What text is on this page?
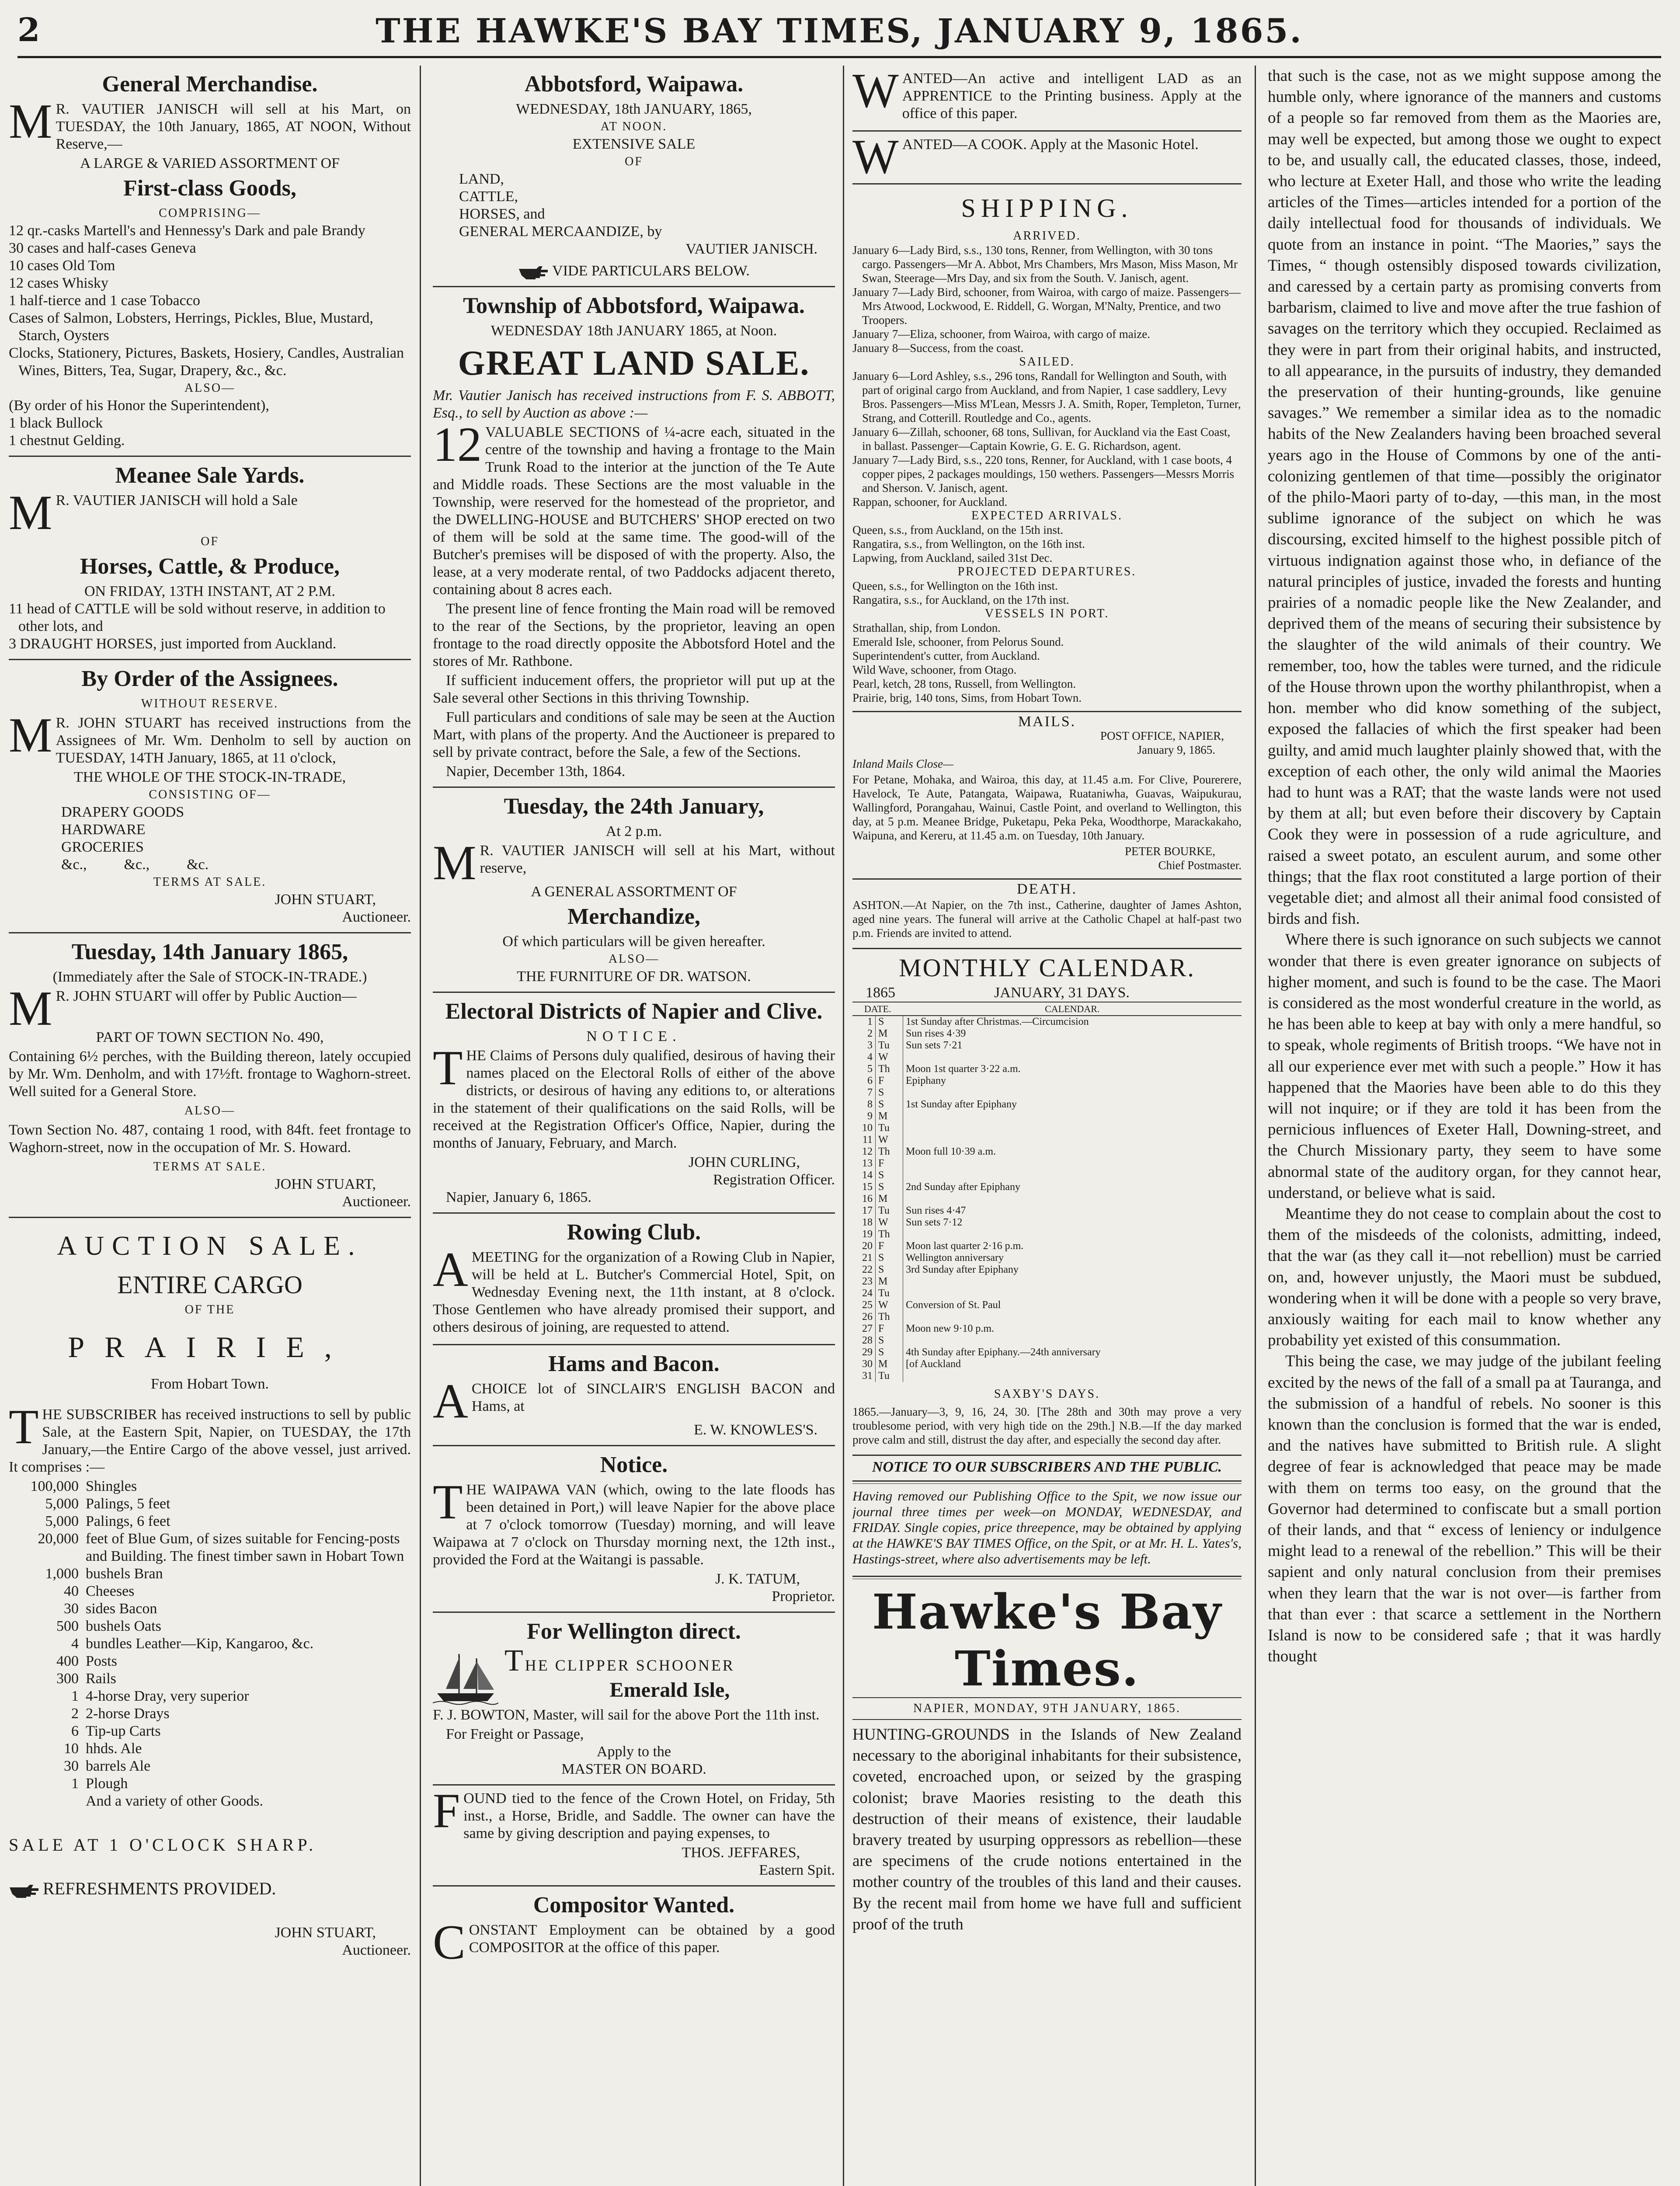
2	THE HAWKE'S BAY TIMES, JANUARY 9, 1865.
General Merchandise.
M R. VAUTIER JANISCH will sell at his Mart, on TUESDAY, the 10th January, 1865, AT NOON, Without Reserve,—
A LARGE & VARIED ASSORTMENT OF
First-class Goods,
COMPRISING—
12 qr.-casks Martell's and Hennessy's Dark and pale Brandy
30 cases and half-cases Geneva
10 cases Old Tom
12 cases Whisky
1 half-tierce and 1 case Tobacco
Cases of Salmon, Lobsters, Herrings, Pickles, Blue, Mustard, Starch, Oysters
Clocks, Stationery, Pictures, Baskets, Hosiery, Candles, Australian Wines, Bitters, Tea, Sugar, Drapery, &c., &c.
ALSO—
(By order of his Honor the Superintendent),
1 black Bullock
1 chestnut Gelding.
Meanee Sale Yards.
M R. VAUTIER JANISCH will hold a Sale
OF
Horses, Cattle, & Produce,
ON FRIDAY, 13TH INSTANT, AT 2 P.M.
11 head of CATTLE will be sold without reserve, in addition to other lots, and
3 DRAUGHT HORSES, just imported from Auckland.
By Order of the Assignees.
WITHOUT RESERVE.
M R. JOHN STUART has received instructions from the Assignees of Mr. Wm. Denholm to sell by auction on TUESDAY, 14TH January, 1865, at 11 o'clock,
THE WHOLE OF THE STOCK-IN-TRADE,
CONSISTING OF—
DRAPERY GOODS
HARDWARE
GROCERIES
&c.,          &c.,          &c.
TERMS AT SALE.
JOHN STUART,
Auctioneer.
Tuesday, 14th January 1865,
(Immediately after the Sale of STOCK-IN-TRADE.)
M R. JOHN STUART will offer by Public Auction—
PART OF TOWN SECTION No. 490,
Containing 6½ perches, with the Building thereon, lately occupied by Mr. Wm. Denholm, and with 17½ft. frontage to Waghorn-street. Well suited for a General Store.
ALSO—
Town Section No. 487, containg 1 rood, with 84ft. feet frontage to Waghorn-street, now in the occupation of Mr. S. Howard.
TERMS AT SALE.
JOHN STUART,
Auctioneer.
AUCTION SALE.
ENTIRE CARGO
OF THE
PRAIRIE,
From Hobart Town.
THE SUBSCRIBER has received instructions to sell by public Sale, at the Eastern Spit, Napier, on TUESDAY, the 17th January,—the Entire Cargo of the above vessel, just arrived. It comprises :—
100,000 Shingles
5,000 Palings, 5 feet
5,000 Palings, 6 feet
20,000 feet of Blue Gum, of sizes suitable for Fencing-posts and Building. The finest timber sawn in Hobart Town
1,000 bushels Bran
40 Cheeses
30 sides Bacon
500 bushels Oats
4 bundles Leather—Kip, Kangaroo, &c.
400 Posts
300 Rails
1 4-horse Dray, very superior
2 2-horse Drays
6 Tip-up Carts
10 hhds. Ale
30 barrels Ale
1 Plough
And a variety of other Goods.
SALE AT 1 O'CLOCK SHARP.
REFRESHMENTS PROVIDED.
JOHN STUART,
Auctioneer.
Abbotsford, Waipawa.
WEDNESDAY, 18th JANUARY, 1865,
AT NOON.
EXTENSIVE SALE
OF
LAND,
CATTLE,
HORSES, and
GENERAL MERCAANDIZE, by
VAUTIER JANISCH.
VIDE PARTICULARS BELOW.
Township of Abbotsford, Waipawa.
WEDNESDAY 18th JANUARY 1865, at Noon.
GREAT LAND SALE.
Mr. Vautier Janisch has received instructions from F. S. ABBOTT, Esq., to sell by Auction as above :—
12 VALUABLE SECTIONS of ¼-acre each, situated in the centre of the township and having a frontage to the Main Trunk Road to the interior at the junction of the Te Aute and Middle roads. These Sections are the most valuable in the Township, were reserved for the homestead of the proprietor, and the DWELLING-HOUSE and BUTCHERS' SHOP erected on two of them will be sold at the same time. The good-will of the Butcher's premises will be disposed of with the property. Also, the lease, at a very moderate rental, of two Paddocks adjacent thereto, containing about 8 acres each.
The present line of fence fronting the Main road will be removed to the rear of the Sections, by the proprietor, leaving an open frontage to the road directly opposite the Abbotsford Hotel and the stores of Mr. Rathbone.
If sufficient inducement offers, the proprietor will put up at the Sale several other Sections in this thriving Township.
Full particulars and conditions of sale may be seen at the Auction Mart, with plans of the property. And the Auctioneer is prepared to sell by private contract, before the Sale, a few of the Sections.
Napier, December 13th, 1864.
Tuesday, the 24th January,
At 2 p.m.
M R. VAUTIER JANISCH will sell at his Mart, without reserve,
A GENERAL ASSORTMENT OF
Merchandize,
Of which particulars will be given hereafter.
ALSO—
THE FURNITURE OF DR. WATSON.
Electoral Districts of Napier and Clive.
NOTICE.
THE Claims of Persons duly qualified, desirous of having their names placed on the Electoral Rolls of either of the above districts, or desirous of having any editions to, or alterations in the statement of their qualifications on the said Rolls, will be received at the Registration Officer's Office, Napier, during the months of January, February, and March.
JOHN CURLING,
Registration Officer.
Napier, January 6, 1865.
Rowing Club.
AMEETING for the organization of a Rowing Club in Napier, will be held at L. Butcher's Commercial Hotel, Spit, on Wednesday Evening next, the 11th instant, at 8 o'clock. Those Gentlemen who have already promised their support, and others desirous of joining, are requested to attend.
Hams and Bacon.
ACHOICE lot of SINCLAIR'S ENGLISH BACON and Hams, at
E. W. KNOWLES'S.
Notice.
THE WAIPAWA VAN (which, owing to the late floods has been detained in Port,) will leave Napier for the above place at 7 o'clock tomorrow (Tuesday) morning, and will leave Waipawa at 7 o'clock on Thursday morning next, the 12th inst., provided the Ford at the Waitangi is passable.
J. K. TATUM,
Proprietor.
For Wellington direct.
THE CLIPPER SCHOONER
Emerald Isle,
F. J. BOWTON, Master, will sail for the above Port the 11th inst.
For Freight or Passage,
Apply to the
MASTER ON BOARD.
FOUND tied to the fence of the Crown Hotel, on Friday, 5th inst., a Horse, Bridle, and Saddle. The owner can have the same by giving description and paying expenses, to
THOS. JEFFARES,
Eastern Spit.
Compositor Wanted.
CONSTANT Employment can be obtained by a good COMPOSITOR at the office of this paper.
WANTED—An active and intelligent LAD as an APPRENTICE to the Printing business. Apply at the office of this paper.
WANTED—A COOK. Apply at the Masonic Hotel.
SHIPPING.
ARRIVED.
January 6—Lady Bird, s.s., 130 tons, Renner, from Wellington, with 30 tons cargo. Passengers—Mr A. Abbot, Mrs Chambers, Mrs Mason, Miss Mason, Mr Swan, Steerage—Mrs Day, and six from the South. V. Janisch, agent.
January 7—Lady Bird, schooner, from Wairoa, with cargo of maize. Passengers—Mrs Atwood, Lockwood, E. Riddell, G. Worgan, M'Nalty, Prentice, and two Troopers.
January 7—Eliza, schooner, from Wairoa, with cargo of maize.
January 8—Success, from the coast.
SAILED.
January 6—Lord Ashley, s.s., 296 tons, Randall for Wellington and South, with part of original cargo from Auckland, and from Napier, 1 case saddlery, Levy Bros. Passengers—Miss M'Lean, Messrs J. A. Smith, Roper, Templeton, Turner, Strang, and Cotterill. Routledge and Co., agents.
January 6—Zillah, schooner, 68 tons, Sullivan, for Auckland via the East Coast, in ballast. Passenger—Captain Kowrie, G. E. G. Richardson, agent.
January 7—Lady Bird, s.s., 220 tons, Renner, for Auckland, with 1 case boots, 4 copper pipes, 2 packages mouldings, 150 wethers. Passengers—Messrs Morris and Sherson. V. Janisch, agent.
Rappan, schooner, for Auckland.
EXPECTED ARRIVALS.
Queen, s.s., from Auckland, on the 15th inst.
Rangatira, s.s., from Wellington, on the 16th inst.
Lapwing, from Auckland, sailed 31st Dec.
PROJECTED DEPARTURES.
Queen, s.s., for Wellington on the 16th inst.
Rangatira, s.s., for Auckland, on the 17th inst.
VESSELS IN PORT.
Strathallan, ship, from London.
Emerald Isle, schooner, from Pelorus Sound.
Superintendent's cutter, from Auckland.
Wild Wave, schooner, from Otago.
Pearl, ketch, 28 tons, Russell, from Wellington.
Prairie, brig, 140 tons, Sims, from Hobart Town.
MAILS.
POST OFFICE, NAPIER,
January 9, 1865.
Inland Mails Close—
For Petane, Mohaka, and Wairoa, this day, at 11.45 a.m. For Clive, Pourerere, Havelock, Te Aute, Patangata, Waipawa, Ruataniwha, Guavas, Waipukurau, Wallingford, Porangahau, Wainui, Castle Point, and overland to Wellington, this day, at 5 p.m. Meanee Bridge, Puketapu, Peka Peka, Woodthorpe, Marackakaho, Waipuna, and Kereru, at 11.45 a.m. on Tuesday, 10th January.
PETER BOURKE,
Chief Postmaster.
DEATH.
ASHTON.—At Napier, on the 7th inst., Catherine, daughter of James Ashton, aged nine years. The funeral will arrive at the Catholic Chapel at half-past two p.m. Friends are invited to attend.
MONTHLY CALENDAR.
1865	JANUARY, 31 DAYS.
DATE.		CALENDAR.
1	S	1st Sunday after Christmas.—Circumcision
2	M	Sun rises 4·39
3	Tu	Sun sets 7·21
4	W	
5	Th	Moon 1st quarter 3·22 a.m.
6	F	Epiphany
7	S	
8	S	1st Sunday after Epiphany
9	M	
10	Tu	
11	W	
12	Th	Moon full 10·39 a.m.
13	F	
14	S	
15	S	2nd Sunday after Epiphany
16	M	
17	Tu	Sun rises 4·47
18	W	Sun sets 7·12
19	Th	
20	F	Moon last quarter 2·16 p.m.
21	S	Wellington anniversary
22	S	3rd Sunday after Epiphany
23	M	
24	Tu	
25	W	Conversion of St. Paul
26	Th	
27	F	Moon new 9·10 p.m.
28	S	
29	S	4th Sunday after Epiphany.—24th anniversary
30	M	[of Auckland
31	Tu	
SAXBY'S DAYS.
1865.—January—3, 9, 16, 24, 30. [The 28th and 30th may prove a very troublesome period, with very high tide on the 29th.] N.B.—If the day marked prove calm and still, distrust the day after, and especially the second day after.
NOTICE TO OUR SUBSCRIBERS AND THE PUBLIC.
Having removed our Publishing Office to the Spit, we now issue our journal three times per week—on MONDAY, WEDNESDAY, and FRIDAY. Single copies, price threepence, may be obtained by applying at the HAWKE'S BAY TIMES Office, on the Spit, or at Mr. H. L. Yates's, Hastings-street, where also advertisements may be left.
Hawke's Bay Times.
NAPIER, MONDAY, 9TH JANUARY, 1865.
HUNTING-GROUNDS in the Islands of New Zealand necessary to the aboriginal inhabitants for their subsistence, coveted, encroached upon, or seized by the grasping colonist; brave Maories resisting to the death this destruction of their means of existence, their laudable bravery treated by usurping oppressors as rebellion—these are specimens of the crude notions entertained in the mother country of the troubles of this land and their causes. By the recent mail from home we have full and sufficient proof of the truth

that such is the case, not as we might suppose among the humble only, where ignorance of the manners and customs of a people so far removed from them as the Maories are, may well be expected, but among those we ought to expect to be, and usually call, the educated classes, those, indeed, who lecture at Exeter Hall, and those who write the leading articles of the Times—articles intended for a portion of the daily intellectual food for thousands of individuals. We quote from an instance in point. “The Maories,” says the Times, “ though ostensibly disposed towards civilization, and caressed by a certain party as promising converts from barbarism, claimed to live and move after the true fashion of savages on the territory which they occupied. Reclaimed as they were in part from their original habits, and instructed, to all appearance, in the pursuits of industry, they demanded the preservation of their hunting-grounds, like genuine savages.” We remember a similar idea as to the nomadic habits of the New Zealanders having been broached several years ago in the House of Commons by one of the anti-colonizing gentlemen of that time—possibly the originator of the philo-Maori party of to-day, —this man, in the most sublime ignorance of the subject on which he was discoursing, excited himself to the highest possible pitch of virtuous indignation against those who, in defiance of the natural principles of justice, invaded the forests and hunting prairies of a nomadic people like the New Zealander, and deprived them of the means of securing their subsistence by the slaughter of the wild animals of their country. We remember, too, how the tables were turned, and the ridicule of the House thrown upon the worthy philanthropist, when a hon. member who did know something of the subject, exposed the fallacies of which the first speaker had been guilty, and amid much laughter plainly showed that, with the exception of each other, the only wild animal the Maories had to hunt was a RAT; that the waste lands were not used by them at all; but even before their discovery by Captain Cook they were in possession of a rude agriculture, and raised a sweet potato, an esculent aurum, and some other things; that the flax root constituted a large portion of their vegetable diet; and almost all their animal food consisted of birds and fish.

Where there is such ignorance on such subjects we cannot wonder that there is even greater ignorance on subjects of higher moment, and such is found to be the case. The Maori is considered as the most wonderful creature in the world, as he has been able to keep at bay with only a mere handful, so to speak, whole regiments of British troops. “We have not in all our experience ever met with such a people.” How it has happened that the Maories have been able to do this they will not inquire; or if they are told it has been from the pernicious influences of Exeter Hall, Downing-street, and the Church Missionary party, they seem to have some abnormal state of the auditory organ, for they cannot hear, understand, or believe what is said.

Meantime they do not cease to complain about the cost to them of the misdeeds of the colonists, admitting, indeed, that the war (as they call it—not rebellion) must be carried on, and, however unjustly, the Maori must be subdued, wondering when it will be done with a people so very brave, anxiously waiting for each mail to know whether any probability yet existed of this consummation.

This being the case, we may judge of the jubilant feeling excited by the news of the fall of a small pa at Tauranga, and the submission of a handful of rebels. No sooner is this known than the conclusion is formed that the war is ended, and the natives have submitted to British rule. A slight degree of fear is acknowledged that peace may be made with them on terms too easy, on the ground that the Governor had determined to confiscate but a small portion of their lands, and that “ excess of leniency or indulgence might lead to a renewal of the rebellion.” This will be their sapient and only natural conclusion from their premises when they learn that the war is not over—is farther from that than ever : that scarce a settlement in the Northern Island is now to be considered safe ; that it was hardly thought
